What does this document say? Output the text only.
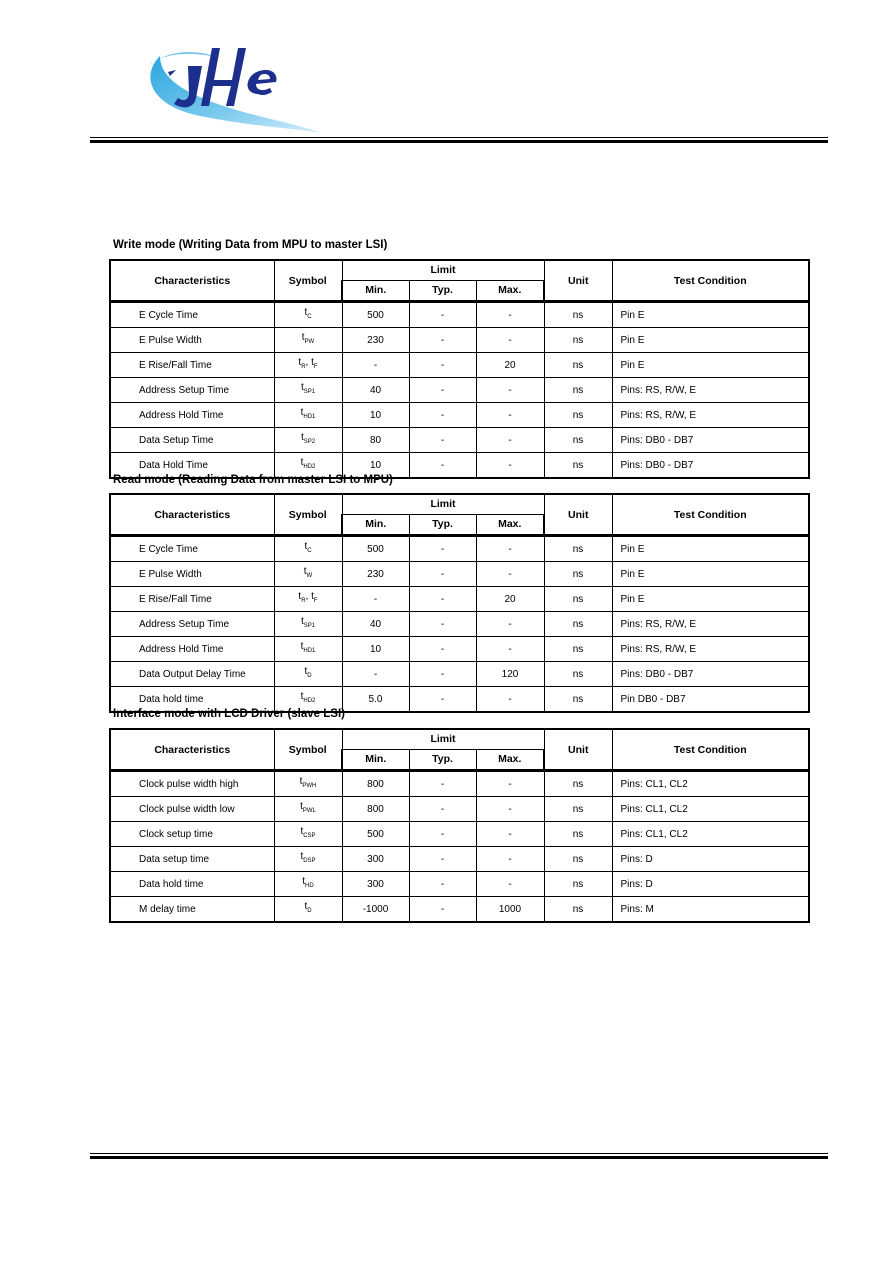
Write mode (Writing Data from MPU to master LSI)
Characteristics	Symbol	Limit			Unit	Test Condition
		Min.	Typ.	Max.		
E Cycle Time	$t_C$	500	-	-	ns	Pin E
E Pulse Width	$t_{PW}$	230	-	-	ns	Pin E
E Rise/Fall Time	$t_R$, $t_F$	-	-	20	ns	Pin E
Address Setup Time	$t_{SP1}$	40	-	-	ns	Pins: RS, R/W, E
Address Hold Time	$t_{HD1}$	10	-	-	ns	Pins: RS, R/W, E
Data Setup Time	$t_{SP2}$	80	-	-	ns	Pins: DB0 - DB7
Data Hold Time	$t_{HD2}$	10	-	-	ns	Pins: DB0 - DB7
Read mode (Reading Data from master LSI to MPU)
Characteristics	Symbol	Limit			Unit	Test Condition
		Min.	Typ.	Max.		
E Cycle Time	$t_C$	500	-	-	ns	Pin E
E Pulse Width	$t_W$	230	-	-	ns	Pin E
E Rise/Fall Time	$t_R$, $t_F$	-	-	20	ns	Pin E
Address Setup Time	$t_{SP1}$	40	-	-	ns	Pins: RS, R/W, E
Address Hold Time	$t_{HD1}$	10	-	-	ns	Pins: RS, R/W, E
Data Output Delay Time	$t_D$	-	-	120	ns	Pins: DB0 - DB7
Data hold time	$t_{HD2}$	5.0	-	-	ns	Pin DB0 - DB7
Interface mode with LCD Driver (slave LSI)
Characteristics	Symbol	Limit			Unit	Test Condition
		Min.	Typ.	Max.		
Clock pulse width high	$t_{PWH}$	800	-	-	ns	Pins: CL1, CL2
Clock pulse width low	$t_{PWL}$	800	-	-	ns	Pins: CL1, CL2
Clock setup time	$t_{CSP}$	500	-	-	ns	Pins: CL1, CL2
Data setup time	$t_{DSP}$	300	-	-	ns	Pins: D
Data hold time	$t_{HD}$	300	-	-	ns	Pins: D
M delay time	$t_D$	-1000	-	1000	ns	Pins: M
